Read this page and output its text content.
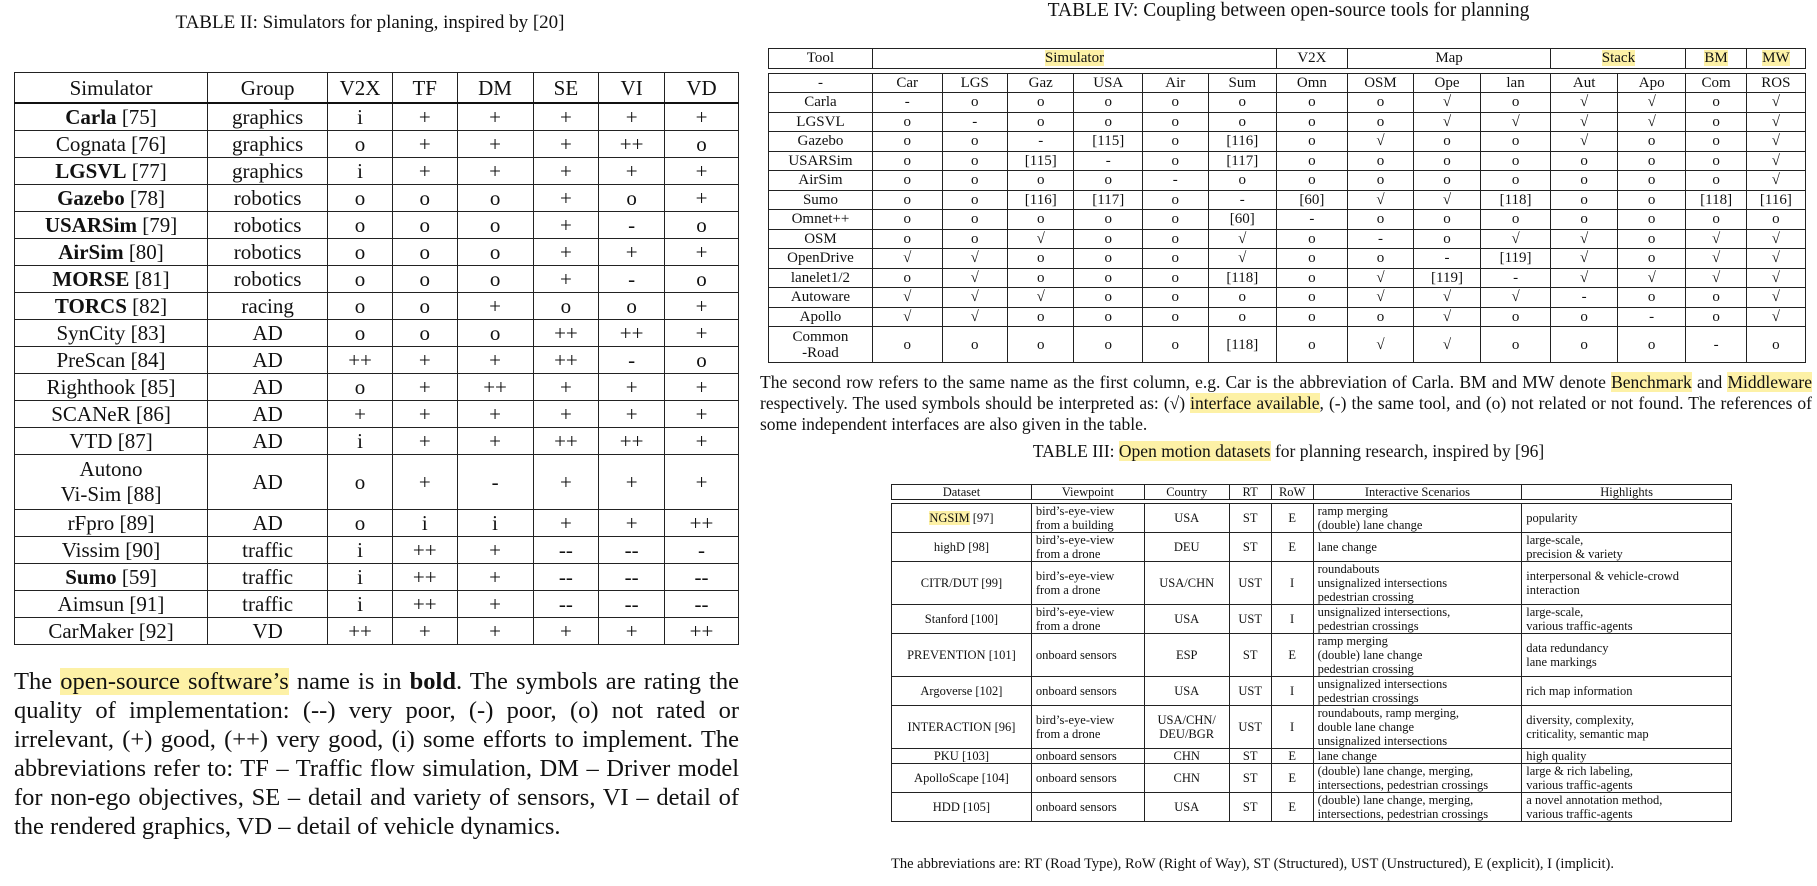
TABLE II: Simulators for planing, inspired by [20]
Simulator	Group	V2X	TF	DM	SE	VI	VD
Carla [75]	graphics	i	+	+	+	+	+
Cognata [76]	graphics	o	+	+	+	++	o
LGSVL [77]	graphics	i	+	+	+	+	+
Gazebo [78]	robotics	o	o	o	+	o	+
USARSim [79]	robotics	o	o	o	+	-	o
AirSim [80]	robotics	o	o	o	+	+	+
MORSE [81]	robotics	o	o	o	+	-	o
TORCS [82]	racing	o	o	+	o	o	+
SynCity [83]	AD	o	o	o	++	++	+
PreScan [84]	AD	++	+	+	++	-	o
Righthook [85]	AD	o	+	++	+	+	+
SCANeR [86]	AD	+	+	+	+	+	+
VTD [87]	AD	i	+	+	++	++	+
Autono
Vi-Sim [88]	AD	o	+	-	+	+	+
rFpro [89]	AD	o	i	i	+	+	++
Vissim [90]	traffic	i	++	+	--	--	-
Sumo [59]	traffic	i	++	+	--	--	--
Aimsun [91]	traffic	i	++	+	--	--	--
CarMaker [92]	VD	++	+	+	+	+	++
The open-source software’s name is in bold. The symbols are rating the quality of implementation: (--) very poor, (-) poor, (o) not rated or irrelevant, (+) good, (++) very good, (i) some efforts to implement. The abbreviations refer to: TF – Traffic flow simulation, DM – Driver model for non-ego objectives, SE – detail and variety of sensors, VI – detail of the rendered graphics, VD – detail of vehicle dynamics.
TABLE IV: Coupling between open-source tools for planning
Tool	Simulator						V2X	Map			Stack		BM	MW

-	Car	LGS	Gaz	USA	Air	Sum	Omn	OSM	Ope	lan	Aut	Apo	Com	ROS
Carla	-	o	o	o	o	o	o	o	√	o	√	√	o	√
LGSVL	o	-	o	o	o	o	o	o	√	√	√	√	o	√
Gazebo	o	o	-	[115]	o	[116]	o	√	o	o	√	o	o	√
USARSim	o	o	[115]	-	o	[117]	o	o	o	o	o	o	o	√
AirSim	o	o	o	o	-	o	o	o	o	o	o	o	o	√
Sumo	o	o	[116]	[117]	o	-	[60]	√	√	[118]	o	o	[118]	[116]
Omnet++	o	o	o	o	o	[60]	-	o	o	o	o	o	o	o
OSM	o	o	√	o	o	√	o	-	o	√	√	o	√	√
OpenDrive	√	√	o	o	o	√	o	o	-	[119]	√	o	√	√
lanelet1/2	o	√	o	o	o	[118]	o	√	[119]	-	√	√	√	√
Autoware	√	√	√	o	o	o	o	√	√	√	-	o	o	√
Apollo	√	√	o	o	o	o	o	o	√	o	o	-	o	√
Common
-Road	o	o	o	o	o	[118]	o	√	√	o	o	o	-	o
The second row refers to the same name as the first column, e.g. Car is the abbreviation of Carla. BM and MW denote Benchmark and Middleware respectively. The used symbols should be interpreted as: (√) interface available, (-) the same tool, and (o) not related or not found. The references of some independent interfaces are also given in the table.
TABLE III: Open motion datasets for planning research, inspired by [96]
Dataset	Viewpoint	Country	RT	RoW	Interactive Scenarios	Highlights

NGSIM [97]	bird’s-eye-view
from a building	USA	ST	E	ramp merging
(double) lane change	popularity
highD [98]	bird’s-eye-view
from a drone	DEU	ST	E	lane change	large-scale,
precision & variety
CITR/DUT [99]	bird’s-eye-view
from a drone	USA/CHN	UST	I	roundabouts
unsignalized intersections
pedestrian crossing	interpersonal & vehicle-crowd
interaction
Stanford [100]	bird’s-eye-view
from a drone	USA	UST	I	unsignalized intersections,
pedestrian crossings	large-scale,
various traffic-agents
PREVENTION [101]	onboard sensors	ESP	ST	E	ramp merging
(double) lane change
pedestrian crossing	data redundancy
lane markings
Argoverse [102]	onboard sensors	USA	UST	I	unsignalized intersections
pedestrian crossings	rich map information
INTERACTION [96]	bird’s-eye-view
from a drone	USA/CHN/
DEU/BGR	UST	I	roundabouts, ramp merging,
double lane change
unsignalized intersections	diversity, complexity,
criticality, semantic map
PKU [103]	onboard sensors	CHN	ST	E	lane change	high quality
ApolloScape [104]	onboard sensors	CHN	ST	E	(double) lane change, merging,
intersections, pedestrian crossings	large & rich labeling,
various traffic-agents
HDD [105]	onboard sensors	USA	ST	E	(double) lane change, merging,
intersections, pedestrian crossings	a novel annotation method,
various traffic-agents
The abbreviations are: RT (Road Type), RoW (Right of Way), ST (Structured), UST (Unstructured), E (explicit), I (implicit).
